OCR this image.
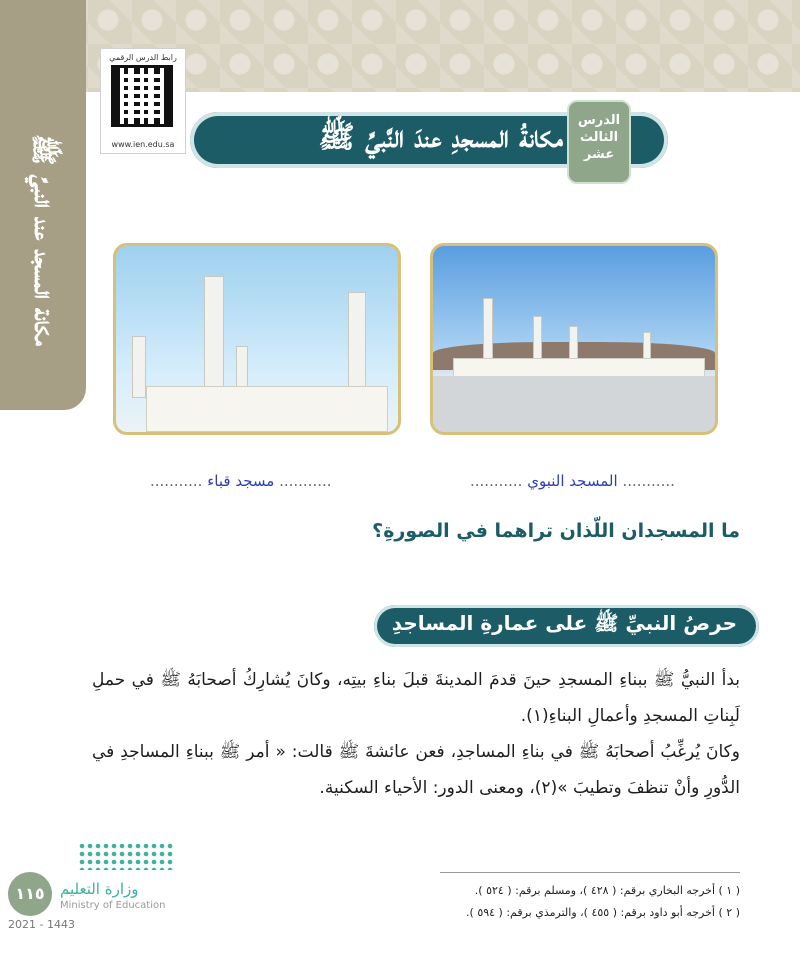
مكانة المسجد عند النبيِّ ﷺ
رابط الدرس الرقمي
www.ien.edu.sa	مكانةُ المسجدِ عندَ النَّبيِّ ﷺ	الدرس
الثالث
عشر
........... مسجد قباء ...........	........... المسجد النبوي ...........
ما المسجدان اللّذان تراهما في الصورةِ؟
حرصُ النبيِّ ﷺ على عمارةِ المساجدِ

بدأ النبيُّ ﷺ ببناءِ المسجدِ حينَ قدمَ المدينةَ قبلَ بناءِ بيتِه، وكانَ يُشارِكُ أصحابَهُ ﷺ في حملِ لَبِناتِ المسجدِ وأعمالِ البناءِ(١).

وكانَ يُرغِّبُ أصحابَهُ ﷺ في بناءِ المساجدِ، فعن عائشةَ ﷺ قالت: « أمر ﷺ ببناءِ المساجدِ في الدُّورِ وأنْ تنظفَ وتطيبَ »(٢)، ومعنى الدور: الأحياء السكنية.

( ١ ) أخرجه البخاري برقم: ( ٤٢٨ )، ومسلم برقم: ( ٥٢٤ ).
( ٢ ) أخرجه أبو داود برقم: ( ٤٥٥ )، والترمذي برقم: ( ٥٩٤ ).
وزارة التعليم
Ministry of Education
١١٥
2021 - 1443
